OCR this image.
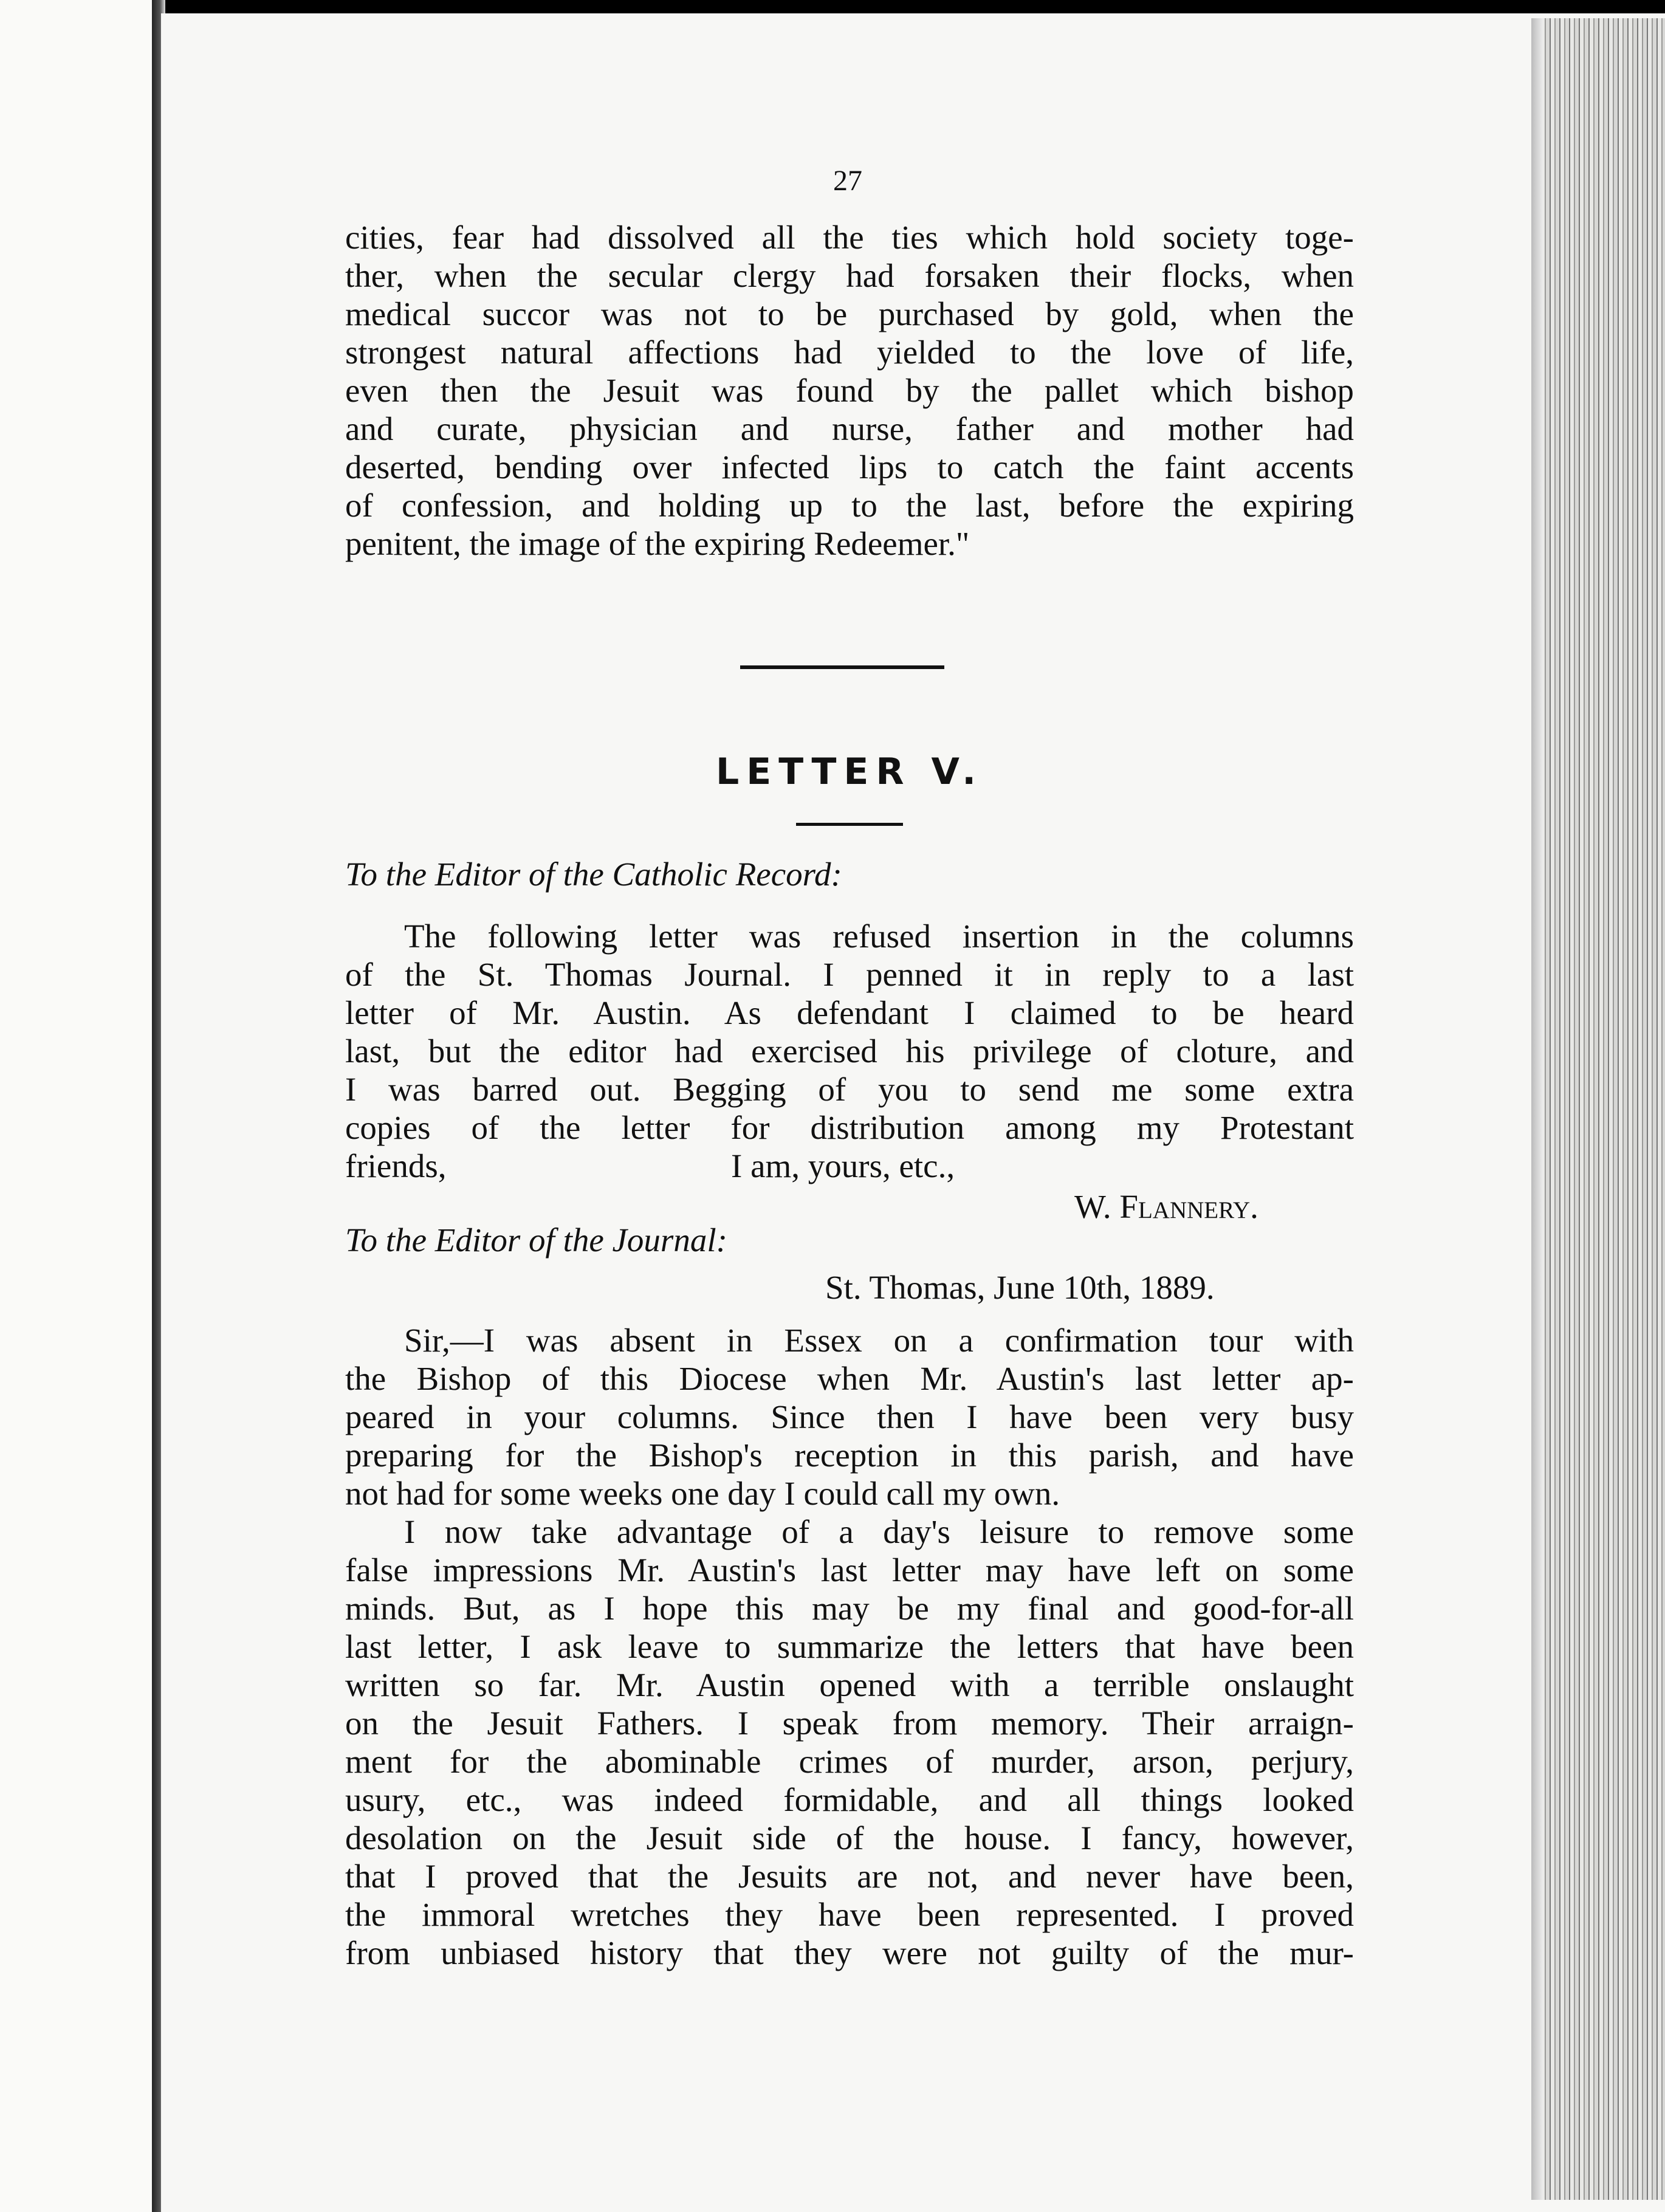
27
cities, fear had dissolved all the ties which hold society toge-
ther, when the secular clergy had forsaken their flocks, when
medical succor was not to be purchased by gold, when the
strongest natural affections had yielded to the love of life,
even then the Jesuit was found by the pallet which bishop
and curate, physician and nurse, father and mother had
deserted, bending over infected lips to catch the faint accents
of confession, and holding up to the last, before the expiring
penitent, the image of the expiring Redeemer."
LETTER V.
To the Editor of the Catholic Record:
The following letter was refused insertion in the columns
of the St. Thomas Journal. I penned it in reply to a last
letter of Mr. Austin. As defendant I claimed to be heard
last, but the editor had exercised his privilege of cloture, and
I was barred out. Begging of you to send me some extra
copies of the letter for distribution among my Protestant
friends,	I am, yours, etc.,
W. Flannery.
To the Editor of the Journal:
St. Thomas, June 10th, 1889.
Sir,—I was absent in Essex on a confirmation tour with
the Bishop of this Diocese when Mr. Austin's last letter ap-
peared in your columns. Since then I have been very busy
preparing for the Bishop's reception in this parish, and have
not had for some weeks one day I could call my own.
I now take advantage of a day's leisure to remove some
false impressions Mr. Austin's last letter may have left on some
minds. But, as I hope this may be my final and good-for-all
last letter, I ask leave to summarize the letters that have been
written so far. Mr. Austin opened with a terrible onslaught
on the Jesuit Fathers. I speak from memory. Their arraign-
ment for the abominable crimes of murder, arson, perjury,
usury, etc., was indeed formidable, and all things looked
desolation on the Jesuit side of the house. I fancy, however,
that I proved that the Jesuits are not, and never have been,
the immoral wretches they have been represented. I proved
from unbiased history that they were not guilty of the mur-
